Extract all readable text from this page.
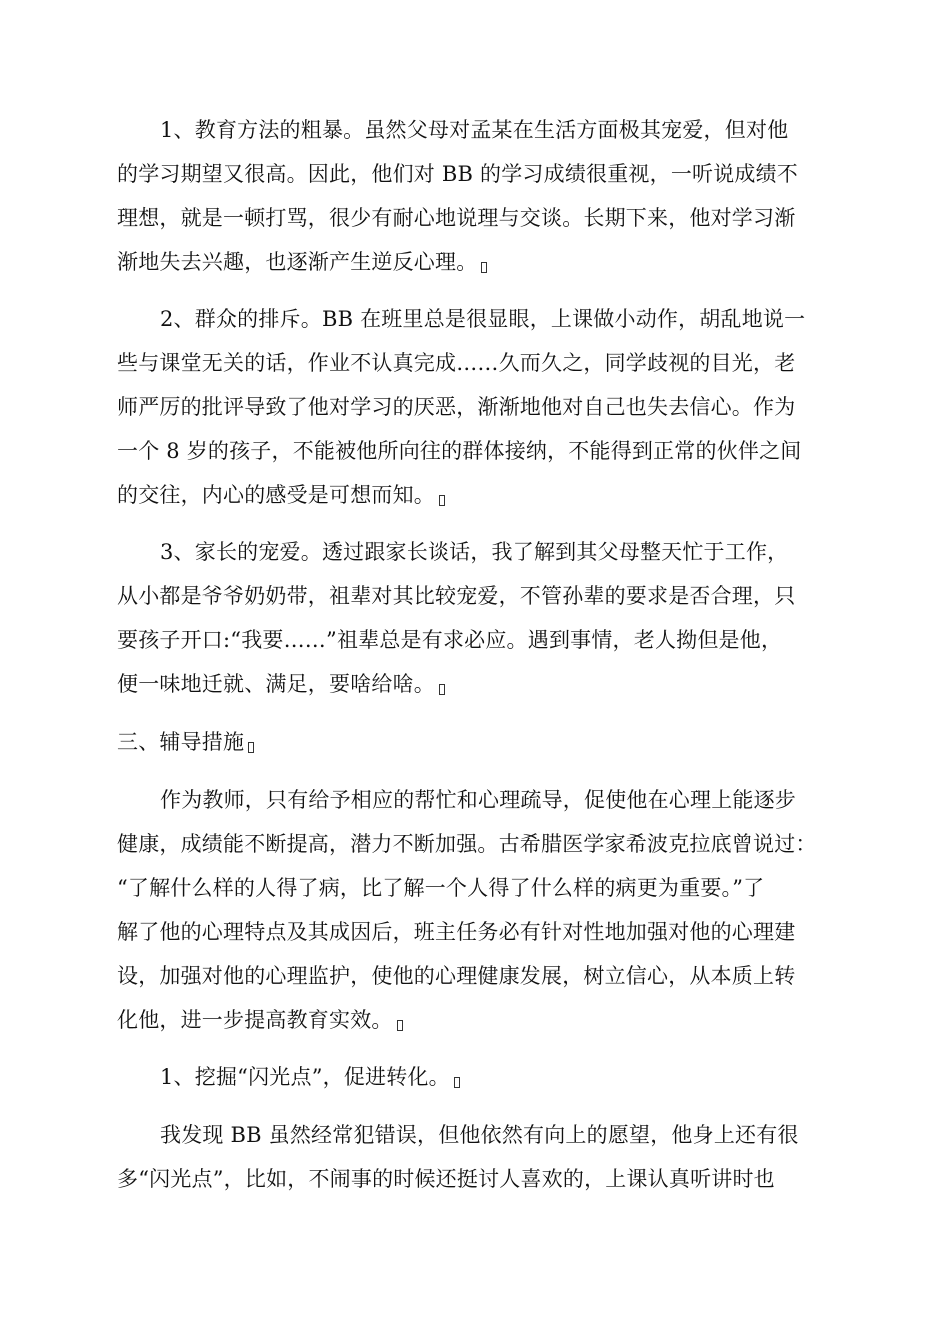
1、教育方法的粗暴。虽然父母对孟某在生活方面极其宠爱，但对他
的学习期望又很高。因此，他们对 BB 的学习成绩很重视，一听说成绩不
理想，就是一顿打骂，很少有耐心地说理与交谈。长期下来，他对学习渐
渐地失去兴趣，也逐渐产生逆反心理。
2、群众的排斥。BB 在班里总是很显眼，上课做小动作，胡乱地说一
些与课堂无关的话，作业不认真完成……久而久之，同学歧视的目光，老
师严厉的批评导致了他对学习的厌恶，渐渐地他对自己也失去信心。作为
一个 8 岁的孩子，不能被他所向往的群体接纳，不能得到正常的伙伴之间
的交往，内心的感受是可想而知。
3、家长的宠爱。透过跟家长谈话，我了解到其父母整天忙于工作，
从小都是爷爷奶奶带，祖辈对其比较宠爱，不管孙辈的要求是否合理，只
要孩子开口:“我要……”祖辈总是有求必应。遇到事情，老人拗但是他，
便一味地迁就、满足，要啥给啥。
三、辅导措施
作为教师，只有给予相应的帮忙和心理疏导，促使他在心理上能逐步
健康，成绩能不断提高，潜力不断加强。古希腊医学家希波克拉底曾说过：
“了解什么样的人得了病，比了解一个人得了什么样的病更为重要。”了
解了他的心理特点及其成因后，班主任务必有针对性地加强对他的心理建
设，加强对他的心理监护，使他的心理健康发展，树立信心，从本质上转
化他，进一步提高教育实效。
1、挖掘“闪光点”，促进转化。
我发现 BB 虽然经常犯错误，但他依然有向上的愿望，他身上还有很
多“闪光点”，比如，不闹事的时候还挺讨人喜欢的，上课认真听讲时也
